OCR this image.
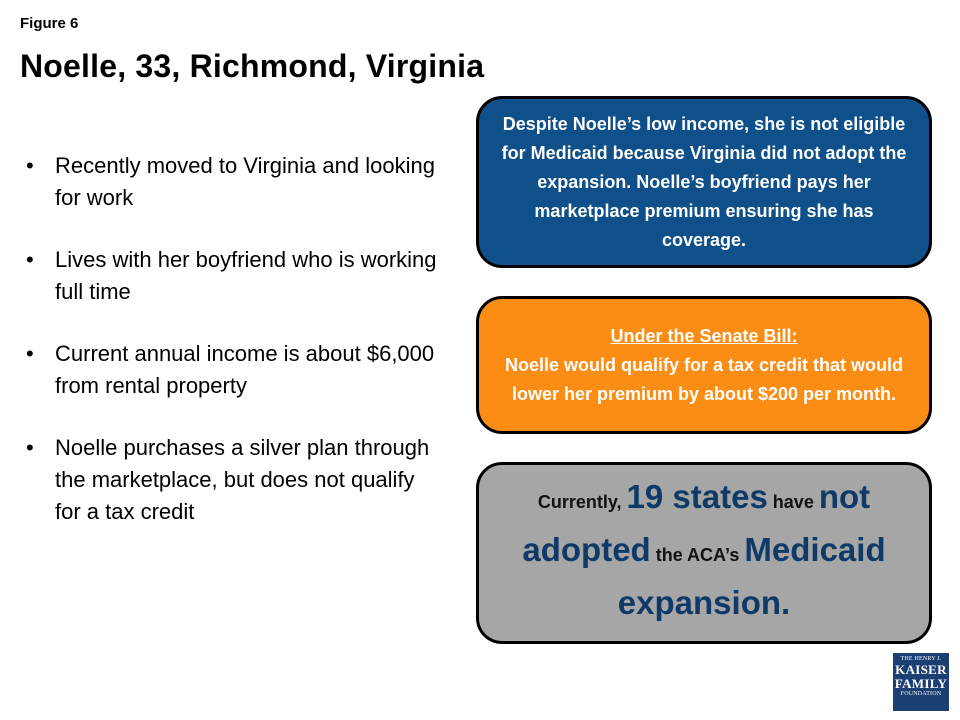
Figure 6
Noelle, 33, Richmond, Virginia
• Recently moved to Virginia and looking for work
• Lives with her boyfriend who is working full time
• Current annual income is about $6,000 from rental property
• Noelle purchases a silver plan through the marketplace, but does not qualify for a tax credit
Despite Noelle’s low income, she is not eligible for Medicaid because Virginia did not adopt the expansion. Noelle’s boyfriend pays her marketplace premium ensuring she has coverage.
Under the Senate Bill:
Noelle would qualify for a tax credit that would lower her premium by about $200 per month.
Currently, 19 states have not adopted the ACA’s Medicaid expansion.
THE HENRY J.
KAISER
FAMILY
FOUNDATION
